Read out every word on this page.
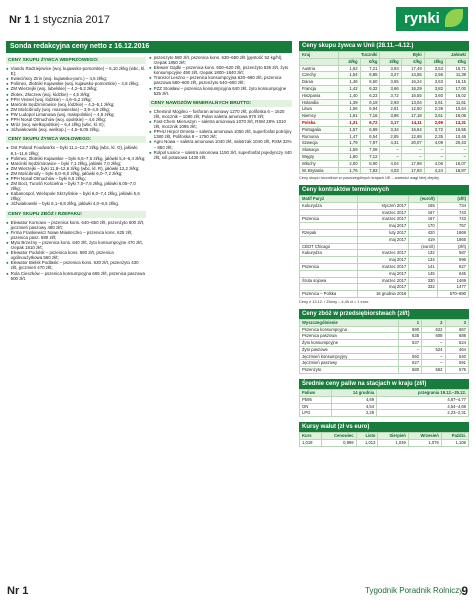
Nr 1 1 stycznia 2017	rynki
Sonda redakcyjna ceny netto z 16.12.2016
CENY SKUPU ŻYWCA WIEPRZOWEGO:
● Viando Radziejewice (woj. kujawsko-pomorskie) – 6,10 zł/kg (wbc, kl. E);
● Kwiecińscy Zirin (woj. kujawsko-pom.) – 4,5 zł/kg;
● Polimex, Złotniki Kujawskie (woj. kujawsko-pomorskie) – 4,8 zł/kg;
● ZM Wierzejki (woj. lubelskie) – 4,2–5,2 zł/kg;
● Złotex, Złoczew (woj. łódzkie) – 4,5 zł/kg;
● PPH Vessel (woj. łódzkie) – 4,6–5,2 zł/kg;
● Marcinki Sędzimirowice (woj. łódzkie) – 4,3–5,1 zł/kg;
● ZM Mościbrody (woj. mazowieckie) – 3,9–4,9 zł/kg;
● PW Ludopol Limanowa (woj. małopolskie) – 4,8 zł/kg;
● PPH Nosal Otmuchów (woj. opolskie) – 4,6 zł/kg;
● Mróz (woj. wielkopolskie) – 6,4 zł/kg (wbc, kl. E);
● Jóźwiakowski (woj. wielkop.) – 4,5–5,05 zł/kg.
CENY SKUPU ŻYWCA WOŁOWEGO:
● Ost Poland Foodworks – byki 11,1–12,7 zł/kg (wbc, kl. O), jałówki 8,1–11,6 zł/kg;
● Polimex, Złotniki Kujawskie – byki 6,5–7,5 zł/kg, jałówki 5,4–6,4 zł/kg;
● Marcinki Sędzimirowice – byki 7,1 zł/kg, jałówki 7,0 zł/kg;
● ZM Wierzejki – byki 11,8–12,6 zł/kg (wbc, kl. R), jałówki 12,2 zł/kg;
● ZM Mościbrody – byki 6,0–8,0 zł/kg, jałówki 6,0–7,2 zł/kg;
● PPH Nosal Otmuchów – byki 6,5 zł/kg;
● ZM Boct, Turośń Kościelna – byki 7,0–7,6 zł/kg, jałówki 6,05–7,0 zł/kg;
● Kabanospol, Wielopole Skrzyńskie – byki 6,0–7,4 zł/kg, jałówki 5,6 zł/kg;
● Jóźwiakowski – byki 6,1–6,8 zł/kg, jałówki 4,0–6,5 zł/kg.
CENY SKUPU ZBÓŻ I RZEPAKU:
● Elewator Kornowo – pszenica kons. 640–650 zł/t, pszenżyto 600 zł/t, jęczmień paszowy 480 zł/t;
● Firma Frankiewicz Nowe Miasteczko – pszenica kons. 625 zł/t, pszenica pasz. 580 zł/t;
● Myto Brzeżny – pszenica kons. 640 zł/t, żyto konsumpcyjne 470 zł/t, rzepak 1810 zł/t;
● Elewator Podolsk – pszenica kons. 590 zł/t, pszenica ogólnoużytkowa 560 zł/t;
● Elewator Bielsk Podlaski – pszenica kons. 620 zł/t, pszenżyto 430 zł/t, jęczmień 470 zł/t;
● Rola Cieszków – pszenica konsumpcyjna 665 zł/t, pszenica paszowa 600 zł/t.
● pszenżyto 580 zł/t, pszenica kons. 630–650 zł/t (gęstość 52 kg/hl), rzepak 1850 zł/t;
● Elewarr Gądki – pszenica kons. 600–620 zł/t, pszenżyto 535 zł/t, żyto konsumpcyjne 490 zł/t, rzepak 1800–1840 zł/t;
● Transrol Leszno – pszenica konsumpcyjna 630–690 zł/t, pszenica paszowa 580–600 zł/t, pszenżyto 540–600 zł/t;
● PZZ Stoisław – pszenica konsumpcyjna 640 zł/t, żyto konsumpcyjne 525 zł/t.
CENY NAWOZÓW MINERALNYCH BRUTTO:
● Chemirol Mogilno – fosforan amonowy 1270 zł/t, polifoska 6 – 1620 zł/t, mocznik – 1080 zł/t, Pulan saletra amonowa 970 zł/t;
● Fast-Chem Mieruszyn – saletra amonowa 1070 zł/t, RSM 28% 1010 zł/t, mocznik 1095 zł/t;
● PPHU Hirpol Omreta – saletra amonowa 1050 zł/t, superfosfat potrójny 1380 zł/t, Polifoska 8 – 1750 zł/t;
● Agro Nowa – saletra amonowa 1040 zł/t, saletrzak 1040 zł/t, RSM 32% – 850 zł/t;
● Rolpol Łosice – saletra amonowa 1150 zł/t, superfosfat pojedynczy 440 zł/t, sól potasowa 1430 zł/t.
Ceny skupu żywca w Unii (28.11.–4.12.)
Kraj	Tuczniki		Byki		Jałówki	
	zł/kg	€/kg	zł/kg	€/kg	zł/kg	€/kg
Austria	1,62	7,21	3,93	17,49	3,53	15,71
Czechy	1,54	6,85	3,27	14,55	2,56	11,39
Dania	1,46	6,50	3,65	16,24	3,63	16,15
Francja	1,42	6,32	3,66	16,29	3,82	17,00
Hiszpania	1,40	6,23	3,72	16,55	3,60	16,02
Holandia	1,39	6,19	2,93	13,04	2,61	11,61
Litwa	1,56	6,94	2,81	12,50	2,39	10,64
Niemcy	1,61	7,16	3,86	17,18	3,61	16,06
Polska	1,31	6,72	3,17	14,11	2,99	13,31
Portugalia	1,57	6,99	3,34	16,64	3,72	16,55
Rumunia	1,47	6,54	2,85	12,68	2,35	10,46
Szwecja	1,79	7,97	4,31	20,07	4,09	20,43
Słowacja	1,59	7,08	–	–	–	–
Węgry	1,60	7,12	–	–	–	–
Włochy	2,00	8,90	4,04	17,98	4,06	18,07
W. Brytania	1,76	7,83	4,03	17,93	4,24	18,87
Ceny skupu tuczników w poszczególnych krajach UE – wartości wagi bitej ciepłej.
Ceny kontraktów terminowych
Matif Paryż		(euro/t)	(zł/t)
Kukurydza	styczeń 2017	165	734
	marzec 2017	167	743
Pszenica	marzec 2017	167	743
	maj 2017	170	757
Rzepak	luty 2017	420	1869
	maj 2017	419	1865
CBOT Chicago		(euro/t)	(zł/t)
Kukurydza	marzec 2017	132	587
	maj 2017	134	596
Pszenica	marzec 2017	141	627
	maj 2017	145	645
Śruta sojowa	marzec 2017	330	1469
	maj 2017	332	1477
Pszenica – Polska	16 grudnia 2016		570–690
Ceny z 13.12. / Zbiory – 4,45 zł = 1 euro.
Ceny zbóż w przedsiębiorstwach (zł/t)
Wyszczególnienie	1	2	3
Pszenica konsumpcyjna	690	622	667
Pszenica paszowa	635	608	688
Żyto konsumpcyjne	537	–	524
Żyto paszowe	–	524	464
Jęczmień konsumpcyjny	592	–	540
Jęczmień paszowy	627	–	591
Pszenżyto	580	562	575
Średnie ceny paliw na stacjach w kraju (zł/l)
Paliwo	14 grudnia	przegrania 19.12.–25.12.
Pb95	4,69	4,67–4,77
ON	4,54	4,54–4,68
LPG	2,29	2,23–2,31
Kursy walut (zł vs euro)
Kurs	Cenowiec	Listo	Sierpień	Wrzesień	Paździ.
1,019	0,999	1,013	1,049	1,076	1,106
Nr 1	Tygodnik Poradnik Rolniczy
9
